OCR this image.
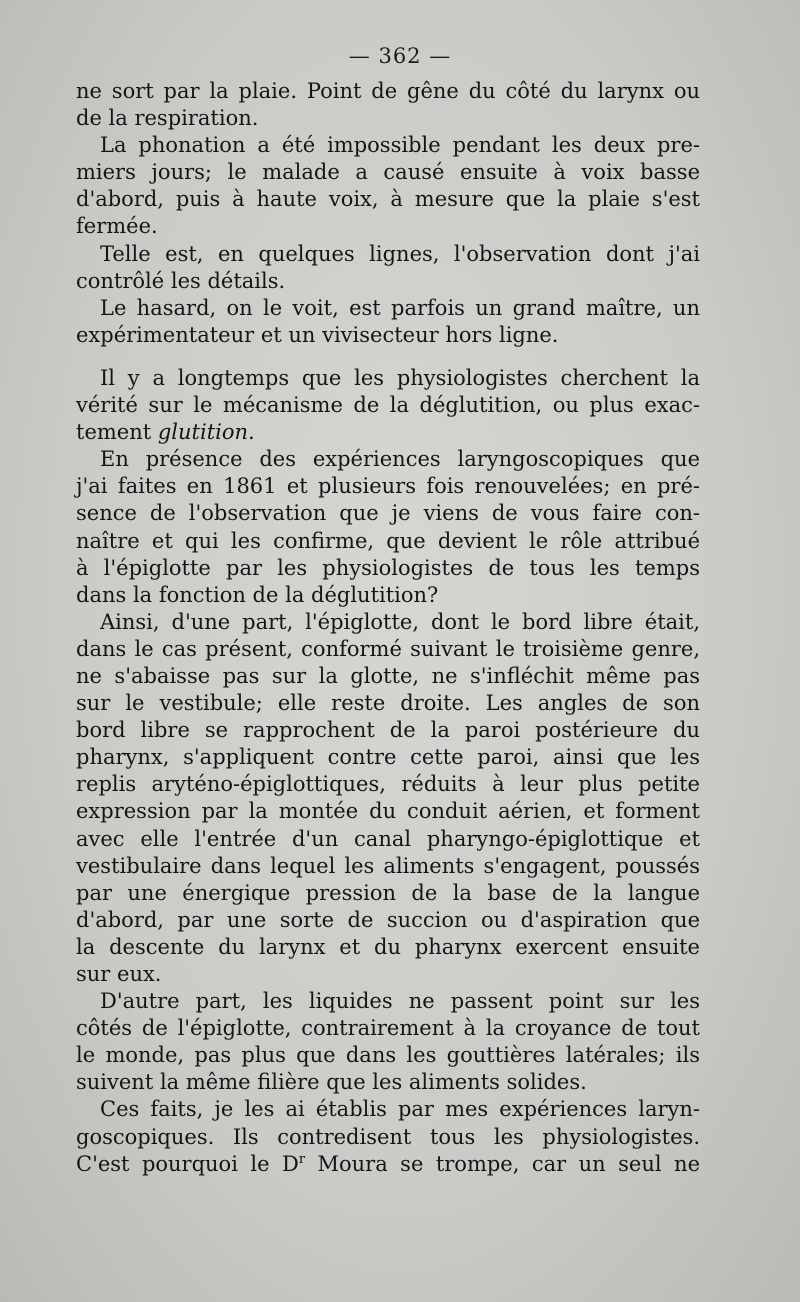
— 362 —
ne sort par la plaie. Point de gêne du côté du larynx ou
de la respiration.
La phonation a été impossible pendant les deux pre-
miers jours; le malade a causé ensuite à voix basse
d'abord, puis à haute voix, à mesure que la plaie s'est
fermée.
Telle est, en quelques lignes, l'observation dont j'ai
contrôlé les détails.
Le hasard, on le voit, est parfois un grand maître, un
expérimentateur et un vivisecteur hors ligne.
Il y a longtemps que les physiologistes cherchent la
vérité sur le mécanisme de la déglutition, ou plus exac-
tement glutition.
En présence des expériences laryngoscopiques que
j'ai faites en 1861 et plusieurs fois renouvelées; en pré-
sence de l'observation que je viens de vous faire con-
naître et qui les confirme, que devient le rôle attribué
à l'épiglotte par les physiologistes de tous les temps
dans la fonction de la déglutition?
Ainsi, d'une part, l'épiglotte, dont le bord libre était,
dans le cas présent, conformé suivant le troisième genre,
ne s'abaisse pas sur la glotte, ne s'infléchit même pas
sur le vestibule; elle reste droite. Les angles de son
bord libre se rapprochent de la paroi postérieure du
pharynx, s'appliquent contre cette paroi, ainsi que les
replis aryténo-épiglottiques, réduits à leur plus petite
expression par la montée du conduit aérien, et forment
avec elle l'entrée d'un canal pharyngo-épiglottique et
vestibulaire dans lequel les aliments s'engagent, poussés
par une énergique pression de la base de la langue
d'abord, par une sorte de succion ou d'aspiration que
la descente du larynx et du pharynx exercent ensuite
sur eux.
D'autre part, les liquides ne passent point sur les
côtés de l'épiglotte, contrairement à la croyance de tout
le monde, pas plus que dans les gouttières latérales; ils
suivent la même filière que les aliments solides.
Ces faits, je les ai établis par mes expériences laryn-
goscopiques. Ils contredisent tous les physiologistes.
C'est pourquoi le $D^r$ Moura se trompe, car un seul ne
